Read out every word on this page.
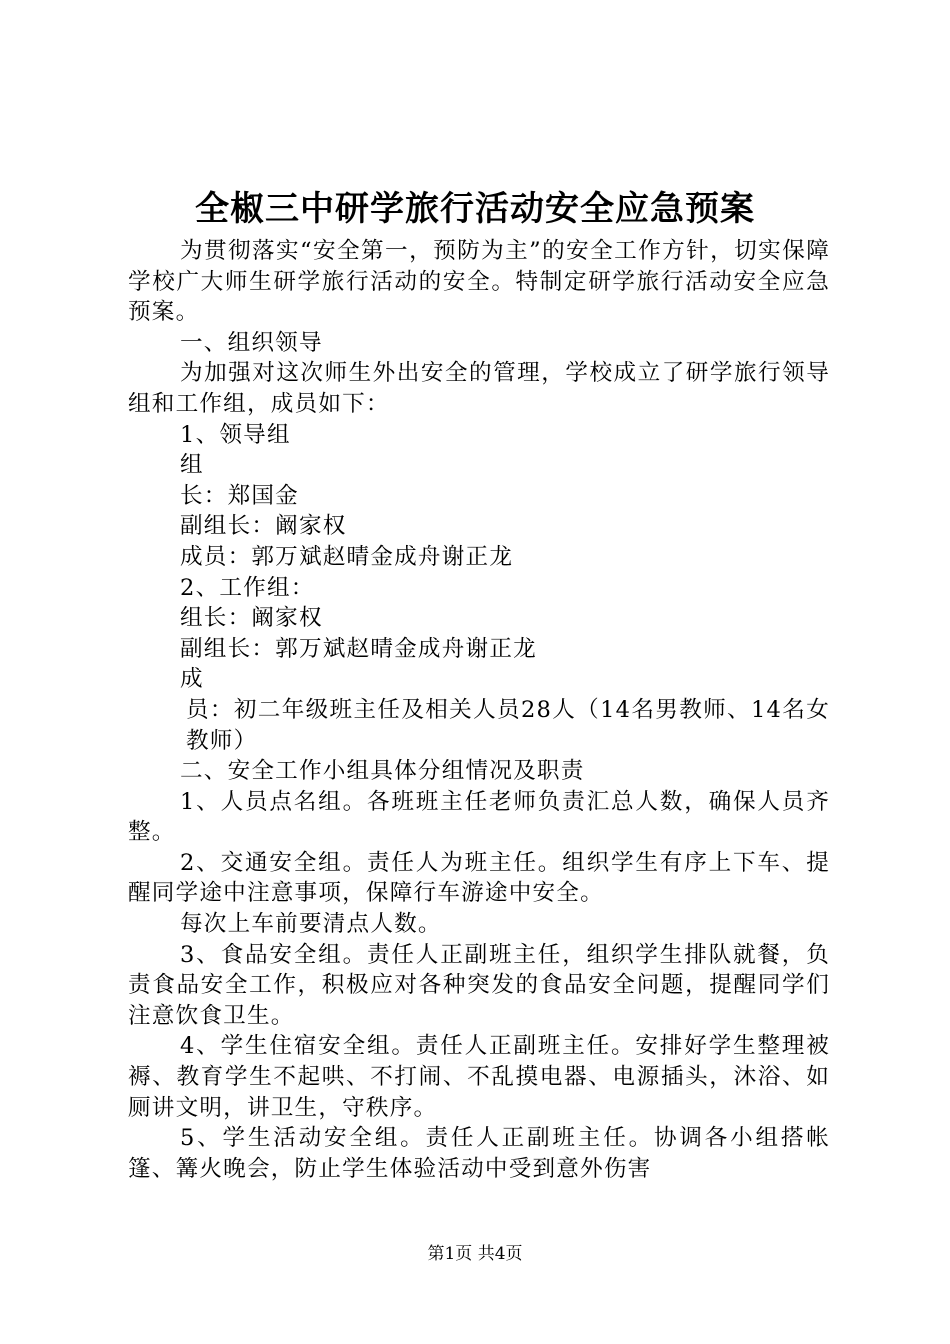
全椒三中研学旅行活动安全应急预案

为贯彻落实“安全第一，预防为主”的安全工作方针，切实保障学校广大师生研学旅行活动的安全。特制定研学旅行活动安全应急预案。

一、组织领导

为加强对这次师生外出安全的管理，学校成立了研学旅行领导组和工作组，成员如下：

1、领导组

组

长：郑国金

副组长：阚家权

成员：郭万斌赵晴金成舟谢正龙

2、工作组：

组长：阚家权

副组长：郭万斌赵晴金成舟谢正龙

成

员：初二年级班主任及相关人员28人（14名男教师、14名女教师）

二、安全工作小组具体分组情况及职责

1、人员点名组。各班班主任老师负责汇总人数，确保人员齐整。

2、交通安全组。责任人为班主任。组织学生有序上下车、提醒同学途中注意事项，保障行车游途中安全。

每次上车前要清点人数。

3、食品安全组。责任人正副班主任，组织学生排队就餐，负责食品安全工作，积极应对各种突发的食品安全问题，提醒同学们注意饮食卫生。

4、学生住宿安全组。责任人正副班主任。安排好学生整理被褥、教育学生不起哄、不打闹、不乱摸电器、电源插头，沐浴、如厕讲文明，讲卫生，守秩序。

5、学生活动安全组。责任人正副班主任。协调各小组搭帐篷、篝火晚会，防止学生体验活动中受到意外伤害

第1页 共4页
